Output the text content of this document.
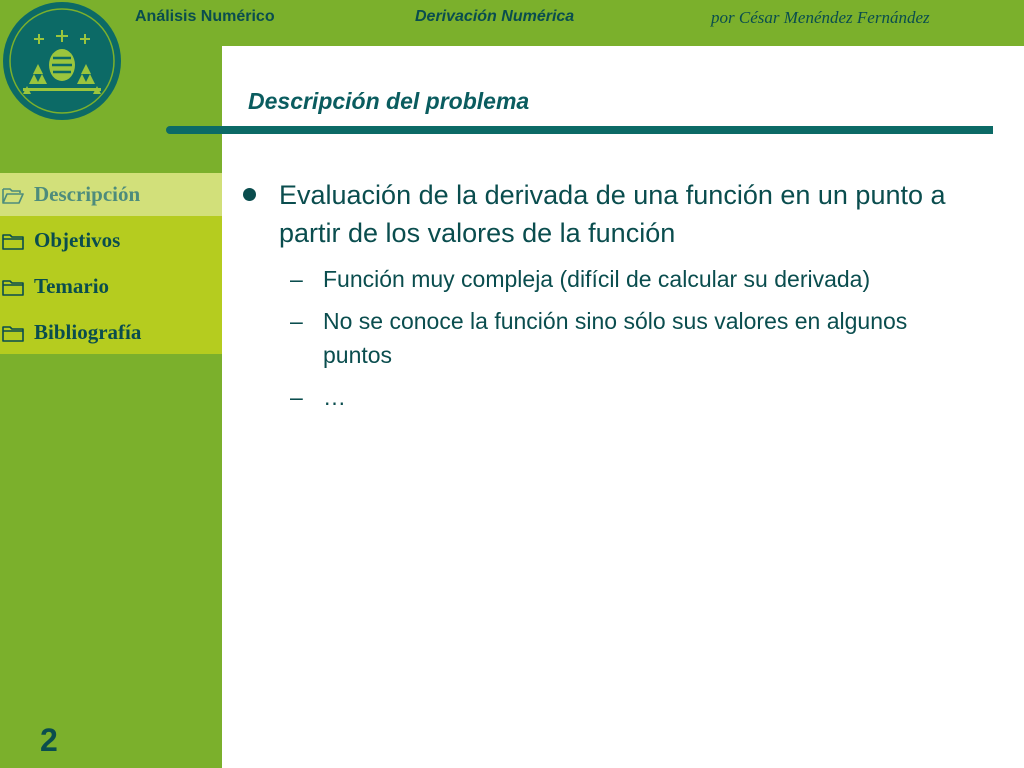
Análisis Numérico	Derivación Numérica	por César Menéndez Fernández
Descripción del problema
Descripción
Objetivos
Temario
Bibliografía
Evaluación de la derivada de una función en un punto a partir de los valores de la función
– Función muy compleja (difícil de calcular su derivada)
– No se conoce la función sino sólo sus valores en algunos puntos
– …
2
